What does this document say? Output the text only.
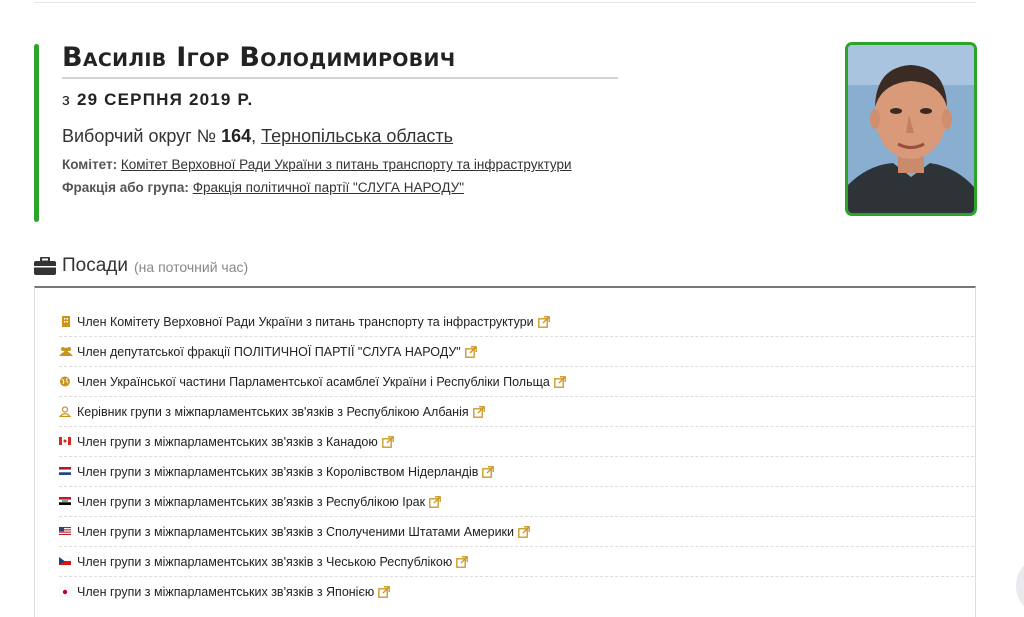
Василів Ігор Володимирович
з 29 СЕРПНЯ 2019 Р.
Виборчий округ № 164, Тернопільська область
Комітет: Комітет Верховної Ради України з питань транспорту та інфраструктури
Фракція або група: Фракція політичної партії "СЛУГА НАРОДУ"
Посади (на поточний час)
Член Комітету Верховної Ради України з питань транспорту та інфраструктури
Член депутатської фракції ПОЛІТИЧНОЇ ПАРТІЇ "СЛУГА НАРОДУ"
Член Української частини Парламентської асамблеї України і Республіки Польща
Керівник групи з міжпарламентських зв'язків з Республікою Албанія
Член групи з міжпарламентських зв'язків з Канадою
Член групи з міжпарламентських зв'язків з Королівством Нідерландів
Член групи з міжпарламентських зв'язків з Республікою Ірак
Член групи з міжпарламентських зв'язків з Сполученими Штатами Америки
Член групи з міжпарламентських зв'язків з Чеською Республікою
Член групи з міжпарламентських зв'язків з Японією
